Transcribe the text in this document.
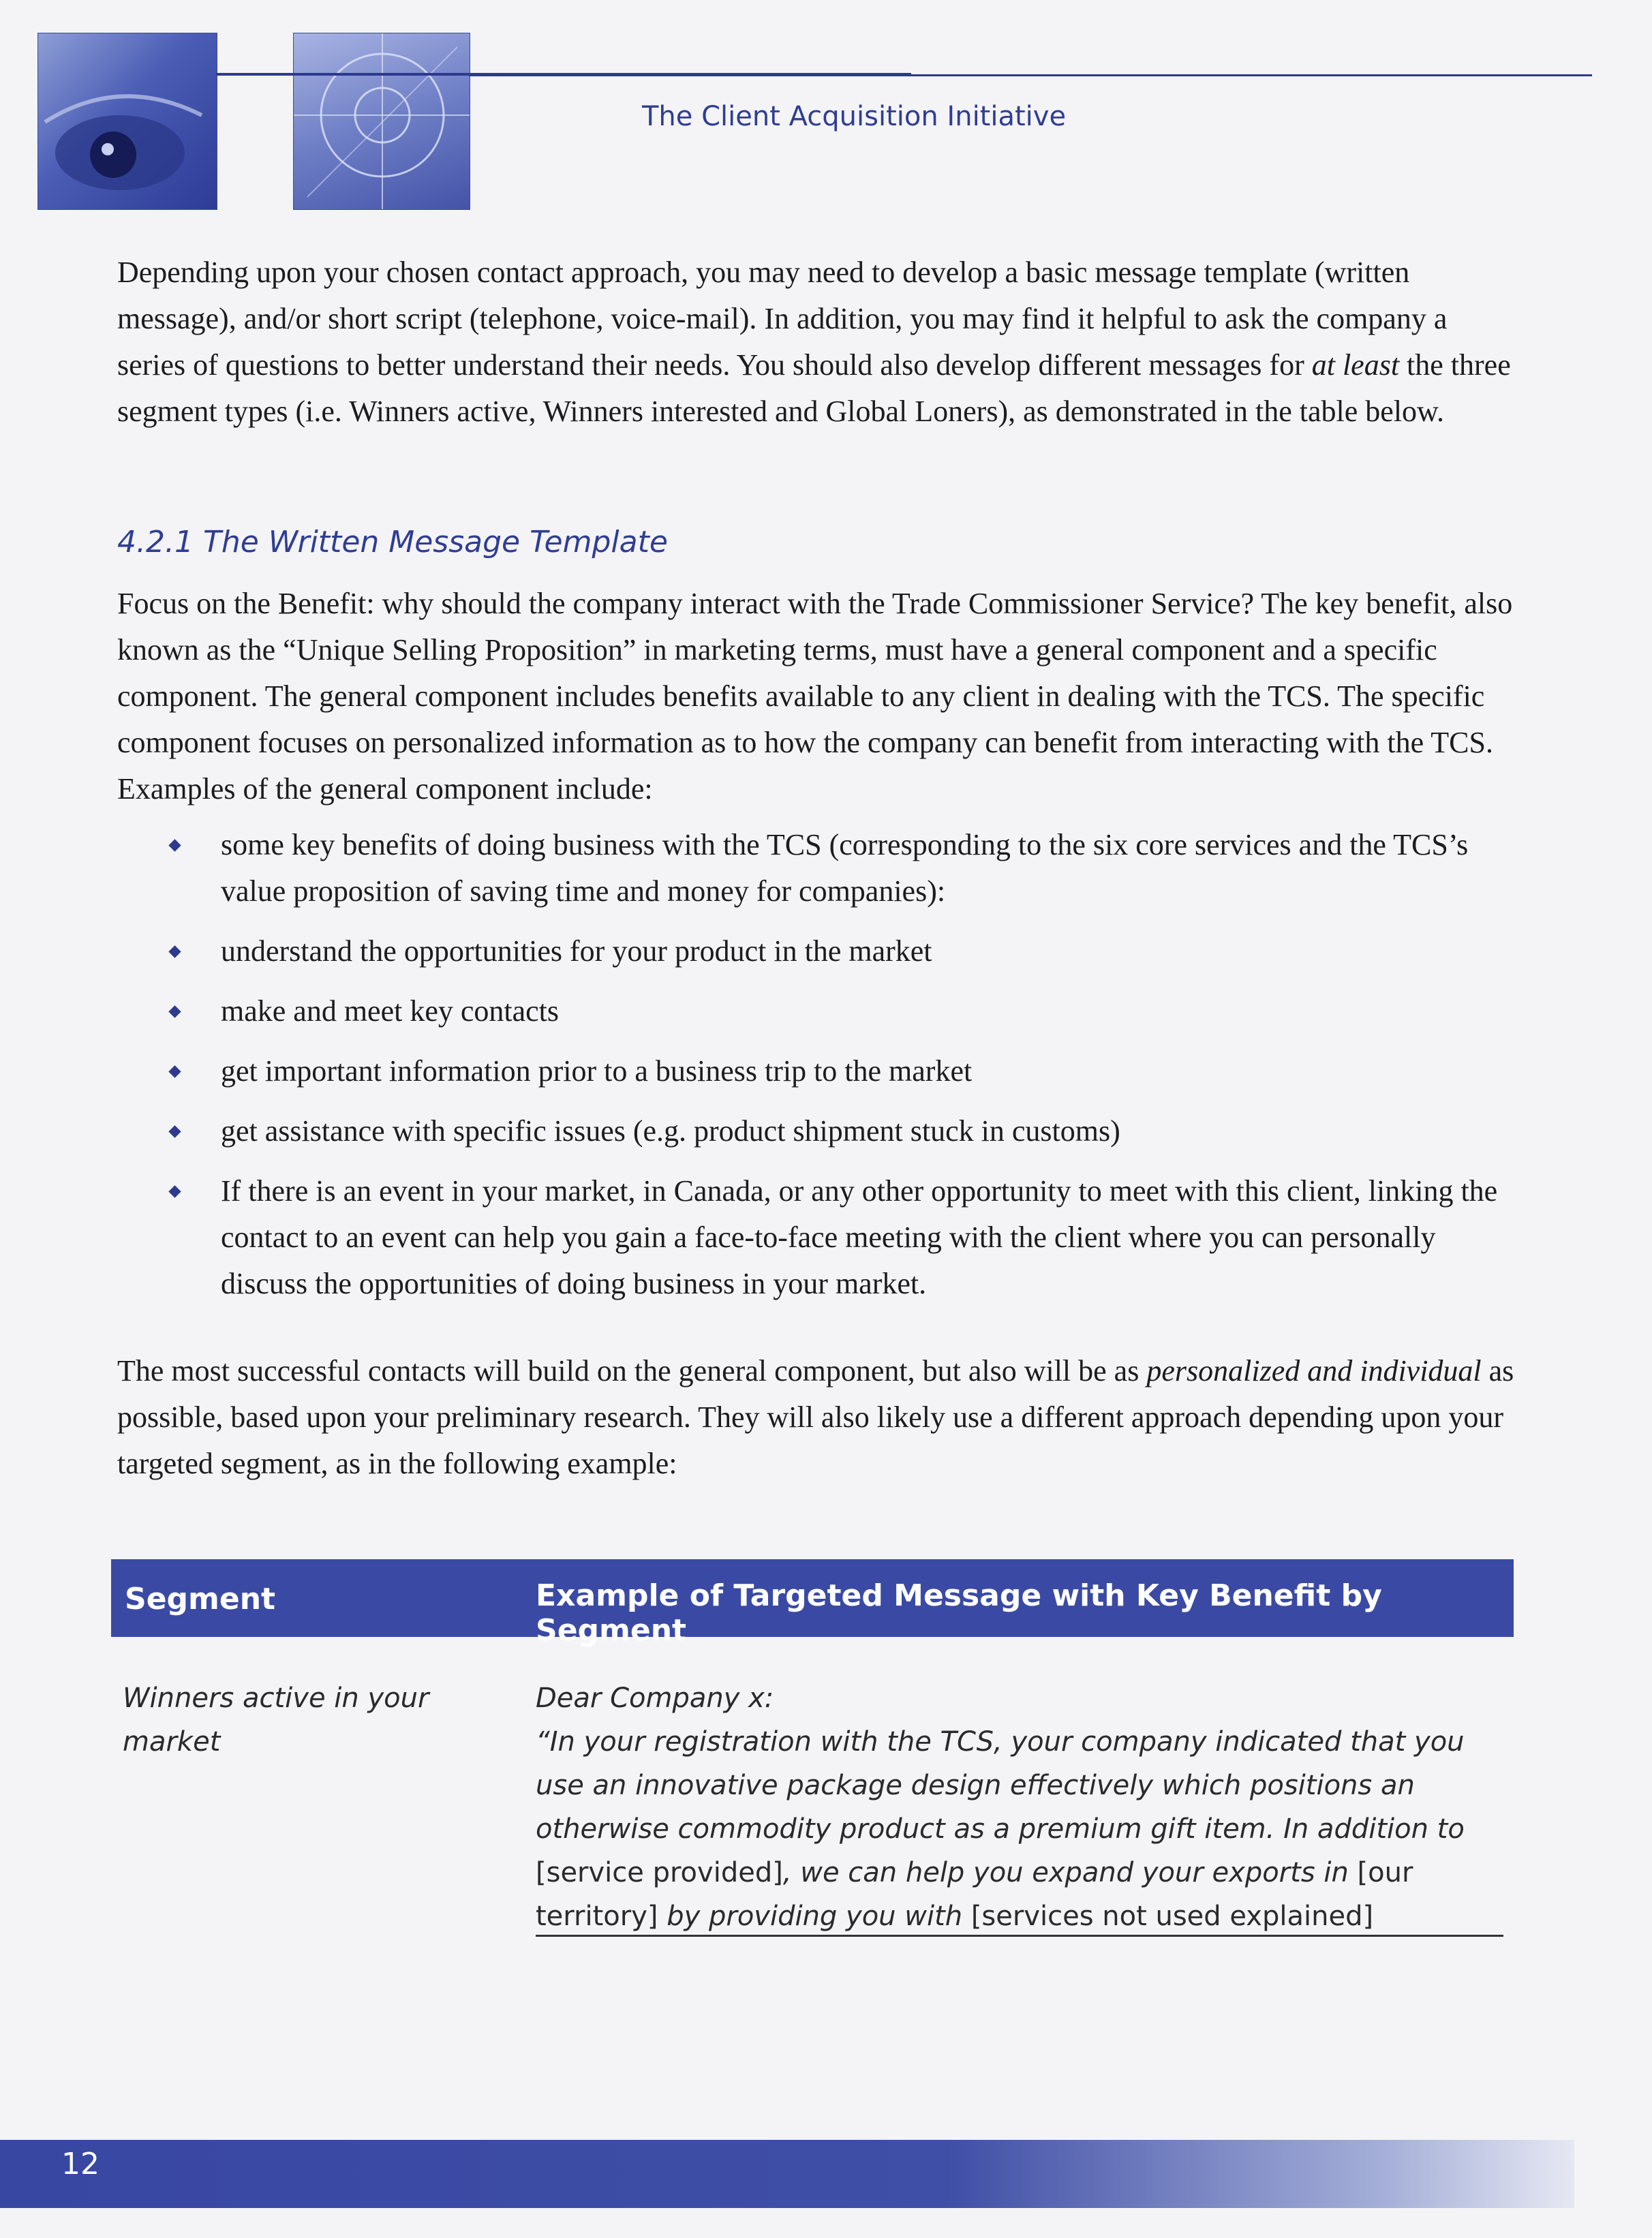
The Client Acquisition Initiative
Depending upon your chosen contact approach, you may need to develop a basic message template (written message), and/or short script (telephone, voice-mail). In addition, you may find it helpful to ask the company a series of questions to better understand their needs. You should also develop different messages for at least the three segment types (i.e. Winners active, Winners interested and Global Loners), as demonstrated in the table below.
4.2.1 The Written Message Template
Focus on the Benefit: why should the company interact with the Trade Commissioner Service? The key benefit, also known as the “Unique Selling Proposition” in marketing terms, must have a general component and a specific component. The general component includes benefits available to any client in dealing with the TCS. The specific component focuses on personalized information as to how the company can benefit from interacting with the TCS. Examples of the general component include:
some key benefits of doing business with the TCS (corresponding to the six core services and the TCS’s value proposition of saving time and money for companies):
understand the opportunities for your product in the market
make and meet key contacts
get important information prior to a business trip to the market
get assistance with specific issues (e.g. product shipment stuck in customs)
If there is an event in your market, in Canada, or any other opportunity to meet with this client, linking the contact to an event can help you gain a face-to-face meeting with the client where you can personally discuss the opportunities of doing business in your market.
The most successful contacts will build on the general component, but also will be as personalized and individual as possible, based upon your preliminary research. They will also likely use a different approach depending upon your targeted segment, as in the following example:
Segment	Example of Targeted Message with Key Benefit by Segment
Winners active in your market
Dear Company x:
“In your registration with the TCS, your company indicated that you use an innovative package design effectively which positions an otherwise commodity product as a premium gift item. In addition to [service provided], we can help you expand your exports in [our territory] by providing you with [services not used explained]
12
